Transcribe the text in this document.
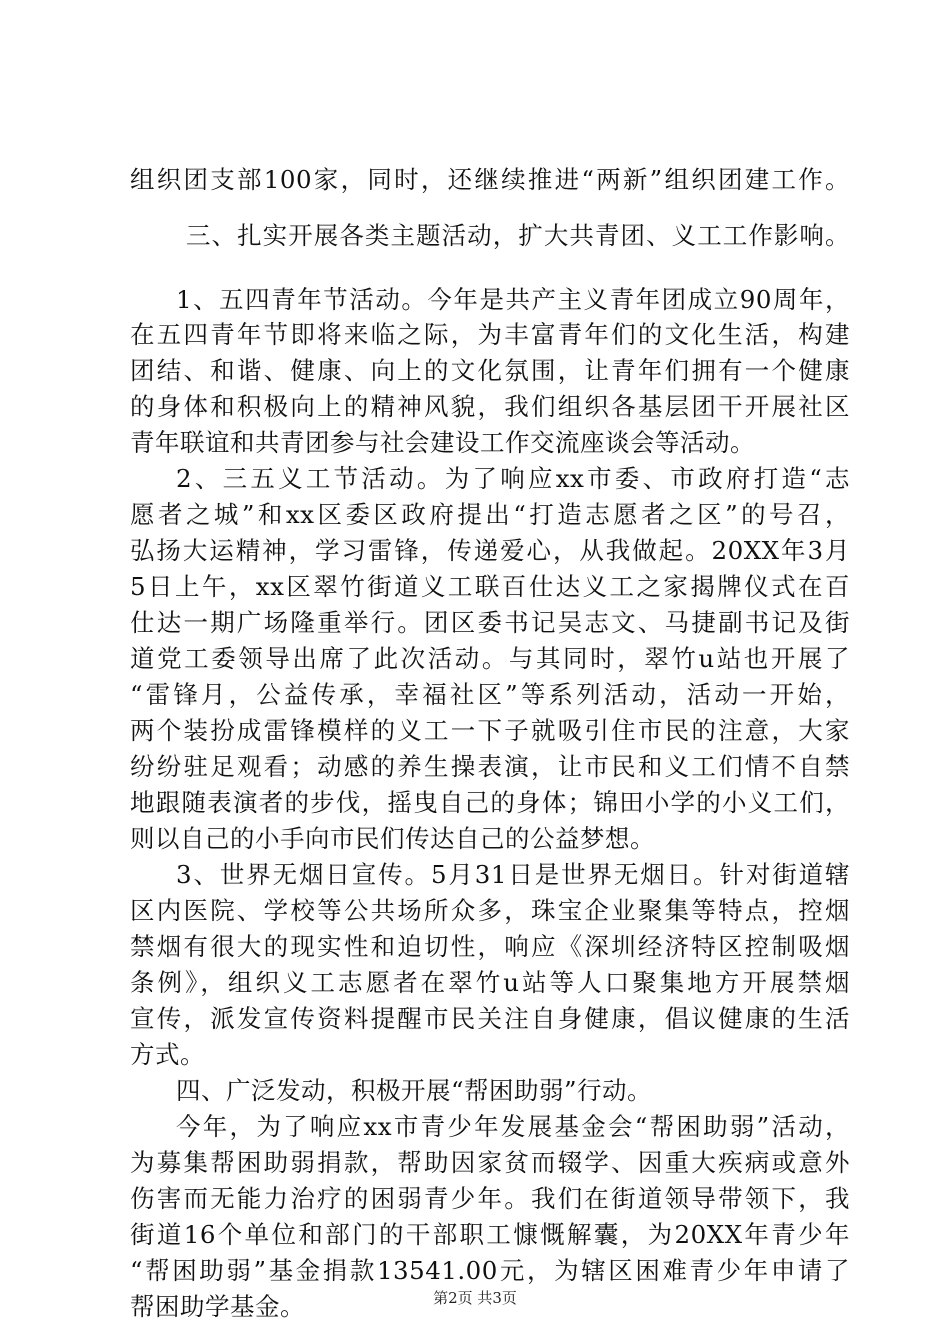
组织团支部100家，同时，还继续推进“两新”组织团建工作。
三、扎实开展各类主题活动，扩大共青团、义工工作影响。
1、五四青年节活动。今年是共产主义青年团成立90周年，
在五四青年节即将来临之际，为丰富青年们的文化生活，构建
团结、和谐、健康、向上的文化氛围，让青年们拥有一个健康
的身体和积极向上的精神风貌，我们组织各基层团干开展社区
青年联谊和共青团参与社会建设工作交流座谈会等活动。
2、三五义工节活动。为了响应xx市委、市政府打造“志
愿者之城”和xx区委区政府提出“打造志愿者之区”的号召，
弘扬大运精神，学习雷锋，传递爱心，从我做起。20XX年3月
5日上午，xx区翠竹街道义工联百仕达义工之家揭牌仪式在百
仕达一期广场隆重举行。团区委书记吴志文、马捷副书记及街
道党工委领导出席了此次活动。与其同时，翠竹u站也开展了
“雷锋月，公益传承，幸福社区”等系列活动，活动一开始，
两个装扮成雷锋模样的义工一下子就吸引住市民的注意，大家
纷纷驻足观看；动感的养生操表演，让市民和义工们情不自禁
地跟随表演者的步伐，摇曳自己的身体；锦田小学的小义工们，
则以自己的小手向市民们传达自己的公益梦想。
3、世界无烟日宣传。5月31日是世界无烟日。针对街道辖
区内医院、学校等公共场所众多，珠宝企业聚集等特点，控烟
禁烟有很大的现实性和迫切性，响应《深圳经济特区控制吸烟
条例》，组织义工志愿者在翠竹u站等人口聚集地方开展禁烟
宣传，派发宣传资料提醒市民关注自身健康，倡议健康的生活
方式。
四、广泛发动，积极开展“帮困助弱”行动。
今年，为了响应xx市青少年发展基金会“帮困助弱”活动，
为募集帮困助弱捐款，帮助因家贫而辍学、因重大疾病或意外
伤害而无能力治疗的困弱青少年。我们在街道领导带领下，我
街道16个单位和部门的干部职工慷慨解囊，为20XX年青少年
“帮困助弱”基金捐款13541.00元，为辖区困难青少年申请了
帮困助学基金。	第2页 共3页
